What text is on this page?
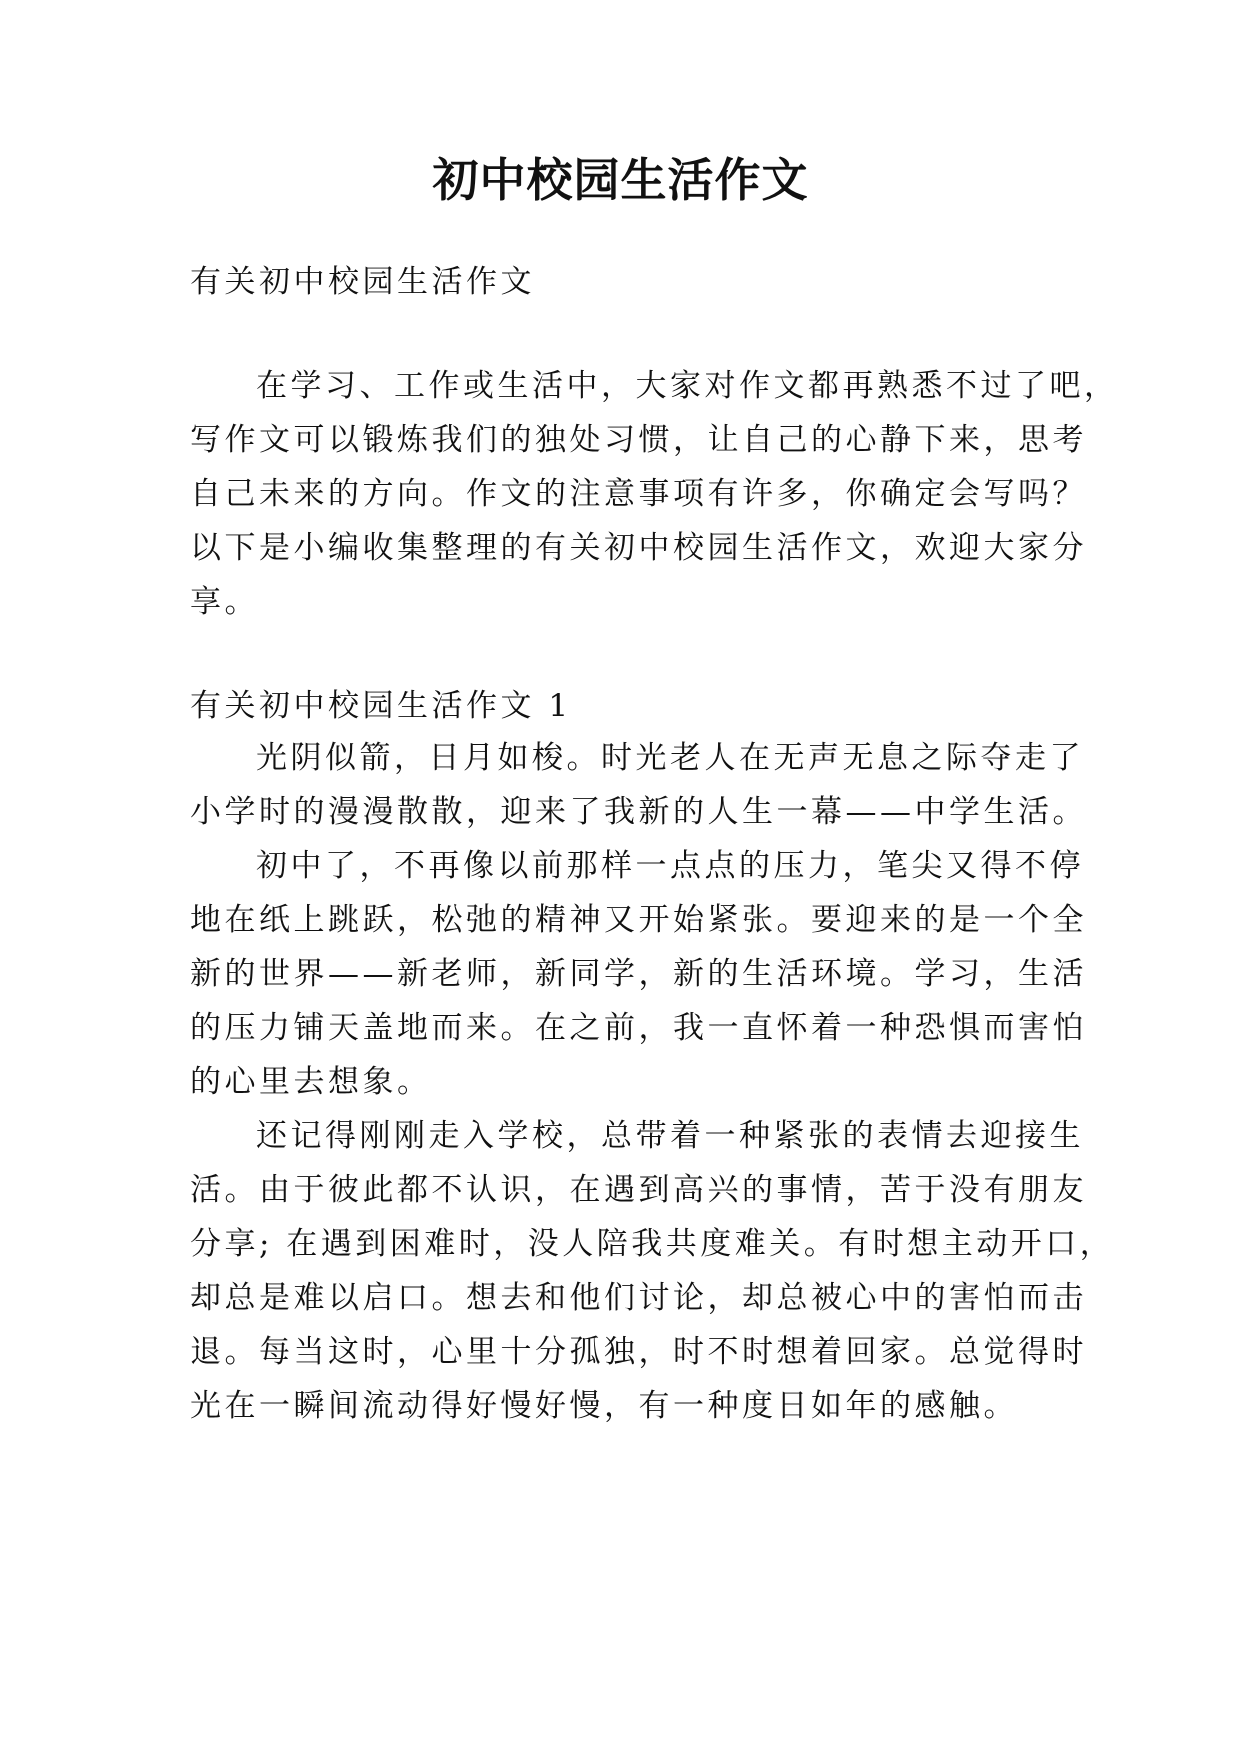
初中校园生活作文

有关初中校园生活作文

在学习、工作或生活中，大家对作文都再熟悉不过了吧，

写作文可以锻炼我们的独处习惯，让自己的心静下来，思考

自己未来的方向。作文的注意事项有许多，你确定会写吗？

以下是小编收集整理的有关初中校园生活作文，欢迎大家分

享。

有关初中校园生活作文 1

光阴似箭，日月如梭。时光老人在无声无息之际夺走了

小学时的漫漫散散，迎来了我新的人生一幕——中学生活。

初中了，不再像以前那样一点点的压力，笔尖又得不停

地在纸上跳跃，松弛的精神又开始紧张。要迎来的是一个全

新的世界——新老师，新同学，新的生活环境。学习，生活

的压力铺天盖地而来。在之前，我一直怀着一种恐惧而害怕

的心里去想象。

还记得刚刚走入学校，总带着一种紧张的表情去迎接生

活。由于彼此都不认识，在遇到高兴的事情，苦于没有朋友

分享; 在遇到困难时，没人陪我共度难关。有时想主动开口，

却总是难以启口。想去和他们讨论，却总被心中的害怕而击

退。每当这时，心里十分孤独，时不时想着回家。总觉得时

光在一瞬间流动得好慢好慢，有一种度日如年的感触。
